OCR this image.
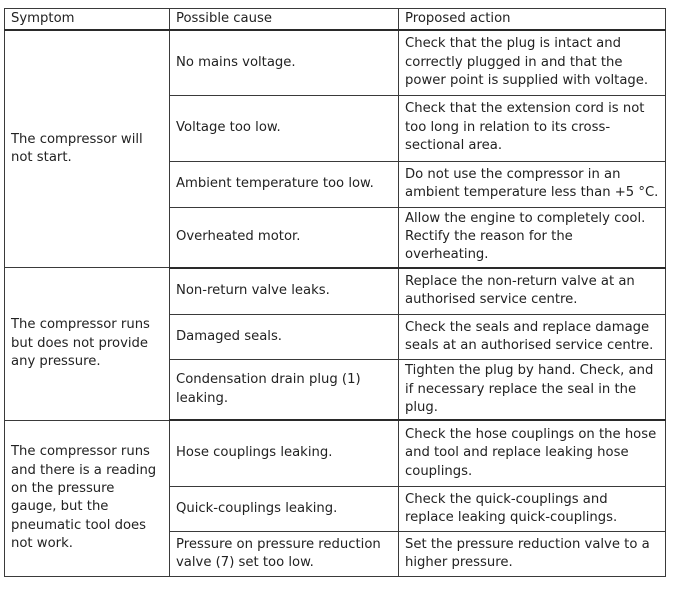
Symptom	Possible cause	Proposed action
The compressor will not start.	No mains voltage.	Check that the plug is intact and correctly plugged in and that the power point is supplied with voltage.
	Voltage too low.	Check that the extension cord is not too long in relation to its cross-sectional area.
	Ambient temperature too low.	Do not use the compressor in an ambient temperature less than +5 °C.
	Overheated motor.	Allow the engine to completely cool. Rectify the reason for the overheating.
The compressor runs but does not provide any pressure.	Non-return valve leaks.	Replace the non-return valve at an authorised service centre.
	Damaged seals.	Check the seals and replace damage seals at an authorised service centre.
	Condensation drain plug (1) leaking.	Tighten the plug by hand. Check, and if necessary replace the seal in the plug.
The compressor runs and there is a reading on the pressure gauge, but the pneumatic tool does not work.	Hose couplings leaking.	Check the hose couplings on the hose and tool and replace leaking hose couplings.
	Quick-couplings leaking.	Check the quick-couplings and replace leaking quick-couplings.
	Pressure on pressure reduction valve (7) set too low.	Set the pressure reduction valve to a higher pressure.
